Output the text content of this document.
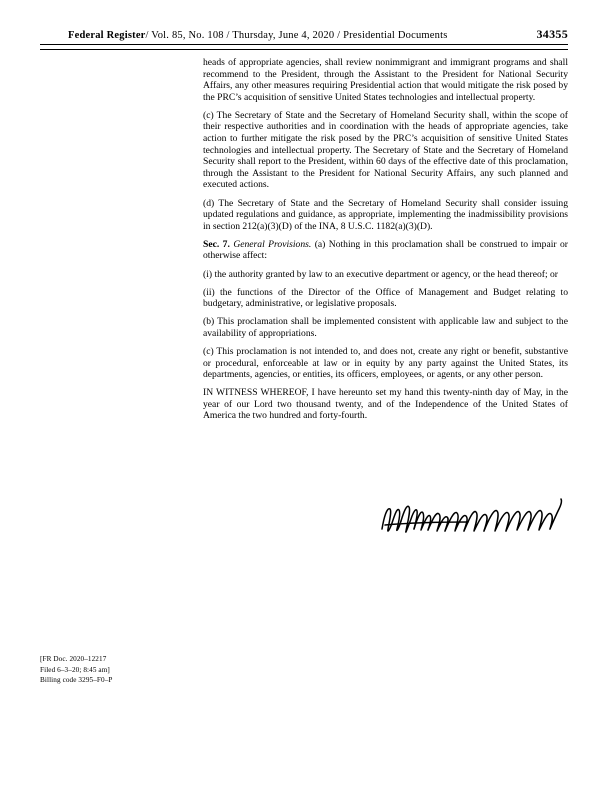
Federal Register/ Vol. 85, No. 108 / Thursday, June 4, 2020 / Presidential Documents	34355

heads of appropriate agencies, shall review nonimmigrant and immigrant programs and shall recommend to the President, through the Assistant to the President for National Security Affairs, any other measures requiring Presidential action that would mitigate the risk posed by the PRC’s acquisition of sensitive United States technologies and intellectual property.

(c) The Secretary of State and the Secretary of Homeland Security shall, within the scope of their respective authorities and in coordination with the heads of appropriate agencies, take action to further mitigate the risk posed by the PRC’s acquisition of sensitive United States technologies and intellectual property. The Secretary of State and the Secretary of Homeland Security shall report to the President, within 60 days of the effective date of this proclamation, through the Assistant to the President for National Security Affairs, any such planned and executed actions.

(d) The Secretary of State and the Secretary of Homeland Security shall consider issuing updated regulations and guidance, as appropriate, implementing the inadmissibility provisions in section 212(a)(3)(D) of the INA, 8 U.S.C. 1182(a)(3)(D).

Sec. 7. General Provisions. (a) Nothing in this proclamation shall be construed to impair or otherwise affect:

(i) the authority granted by law to an executive department or agency, or the head thereof; or

(ii) the functions of the Director of the Office of Management and Budget relating to budgetary, administrative, or legislative proposals.

(b) This proclamation shall be implemented consistent with applicable law and subject to the availability of appropriations.

(c) This proclamation is not intended to, and does not, create any right or benefit, substantive or procedural, enforceable at law or in equity by any party against the United States, its departments, agencies, or entities, its officers, employees, or agents, or any other person.

IN WITNESS WHEREOF, I have hereunto set my hand this twenty-ninth day of May, in the year of our Lord two thousand twenty, and of the Independence of the United States of America the two hundred and forty-fourth.

[FR Doc. 2020–12217
Filed 6–3–20; 8:45 am]
Billing code 3295–F0–P
